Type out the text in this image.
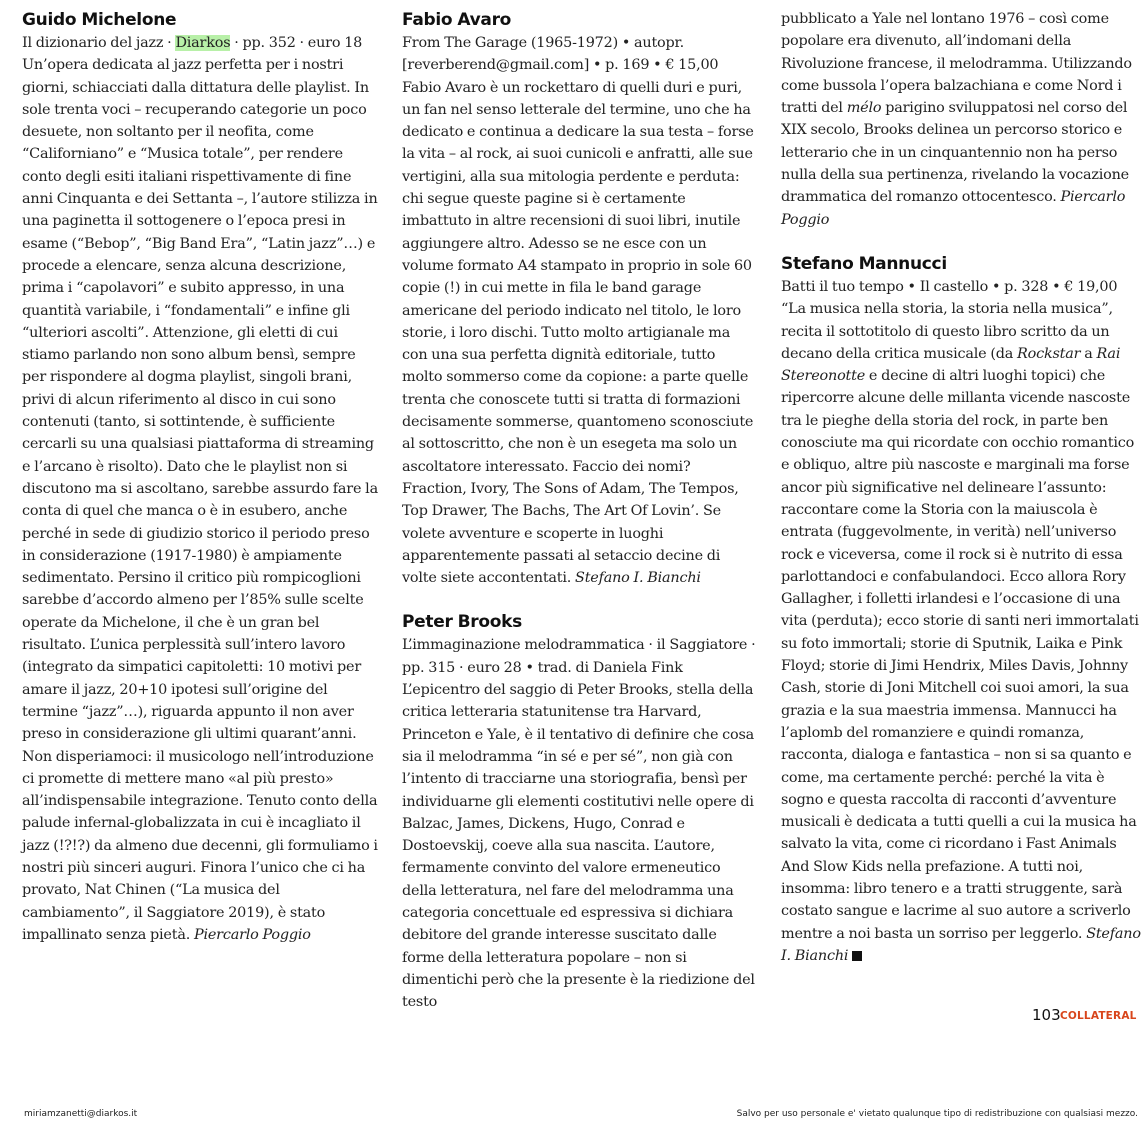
Guido Michelone

Il dizionario del jazz · Diarkos · pp. 352 · euro 18

Un’opera dedicata al jazz perfetta per i nostri giorni, schiacciati dalla dittatura delle playlist. In sole trenta voci – recuperando categorie un poco desuete, non soltanto per il neofita, come “Californiano” e “Musica totale”, per rendere conto degli esiti italiani rispettivamente di fine anni Cinquanta e dei Settanta –, l’autore stilizza in una paginetta il sottogenere o l’epoca presi in esame (“Bebop”, “Big Band Era”, “Latin jazz”…) e procede a elencare, senza alcuna descrizione, prima i “capolavori” e subito appresso, in una quantità variabile, i “fondamentali” e infine gli “ulteriori ascolti”. Attenzione, gli eletti di cui stiamo parlando non sono album bensì, sempre per rispondere al dogma playlist, singoli brani, privi di alcun riferimento al disco in cui sono contenuti (tanto, si sottintende, è sufficiente cercarli su una qualsiasi piattaforma di streaming e l’arcano è risolto). Dato che le playlist non si discutono ma si ascoltano, sarebbe assurdo fare la conta di quel che manca o è in esubero, anche perché in sede di giudizio storico il periodo preso in considerazione (1917-1980) è ampiamente sedimentato. Persino il critico più rompicoglioni sarebbe d’accordo almeno per l’85% sulle scelte operate da Michelone, il che è un gran bel risultato. L’unica perplessità sull’intero lavoro (integrato da simpatici capitoletti: 10 motivi per amare il jazz, 20+10 ipotesi sull’origine del termine “jazz”…), riguarda appunto il non aver preso in considerazione gli ultimi quarant’anni. Non disperiamoci: il musicologo nell’introduzione ci promette di mettere mano «al più presto» all’indispensabile integrazione. Tenuto conto della palude infernal-globalizzata in cui è incagliato il jazz (!?!?) da almeno due decenni, gli formuliamo i nostri più sinceri auguri. Finora l’unico che ci ha provato, Nat Chinen (“La musica del cambiamento”, il Saggiatore 2019), è stato impallinato senza pietà. Piercarlo Poggio

Fabio Avaro

From The Garage (1965-1972) • autopr. [reverberend@gmail.com] • p. 169 • € 15,00

Fabio Avaro è un rockettaro di quelli duri e puri, un fan nel senso letterale del termine, uno che ha dedicato e continua a dedicare la sua testa – forse la vita – al rock, ai suoi cunicoli e anfratti, alle sue vertigini, alla sua mitologia perdente e perduta: chi segue queste pagine si è certamente imbattuto in altre recensioni di suoi libri, inutile aggiungere altro. Adesso se ne esce con un volume formato A4 stampato in proprio in sole 60 copie (!) in cui mette in fila le band garage americane del periodo indicato nel titolo, le loro storie, i loro dischi. Tutto molto artigianale ma con una sua perfetta dignità editoriale, tutto molto sommerso come da copione: a parte quelle trenta che conoscete tutti si tratta di formazioni decisamente sommerse, quantomeno sconosciute al sottoscritto, che non è un esegeta ma solo un ascoltatore interessato. Faccio dei nomi? Fraction, Ivory, The Sons of Adam, The Tempos, Top Drawer, The Bachs, The Art Of Lovin’. Se volete avventure e scoperte in luoghi apparentemente passati al setaccio decine di volte siete accontentati. Stefano I. Bianchi

Peter Brooks

L’immaginazione melodrammatica · il Saggiatore · pp. 315 · euro 28 • trad. di Daniela Fink

L’epicentro del saggio di Peter Brooks, stella della critica letteraria statunitense tra Harvard, Princeton e Yale, è il tentativo di definire che cosa sia il melodramma “in sé e per sé”, non già con l’intento di tracciarne una storiografia, bensì per individuarne gli elementi costitutivi nelle opere di Balzac, James, Dickens, Hugo, Conrad e Dostoevskij, coeve alla sua nascita. L’autore, fermamente convinto del valore ermeneutico della letteratura, nel fare del melodramma una categoria concettuale ed espressiva si dichiara debitore del grande interesse suscitato dalle forme della letteratura popolare – non si dimentichi però che la presente è la riedizione del testo

pubblicato a Yale nel lontano 1976 – così come popolare era divenuto, all’indomani della Rivoluzione francese, il melodramma. Utilizzando come bussola l’opera balzachiana e come Nord i tratti del mélo parigino sviluppatosi nel corso del XIX secolo, Brooks delinea un percorso storico e letterario che in un cinquantennio non ha perso nulla della sua pertinenza, rivelando la vocazione drammatica del romanzo ottocentesco. Piercarlo Poggio

Stefano Mannucci

Batti il tuo tempo • Il castello • p. 328 • € 19,00

“La musica nella storia, la storia nella musica”, recita il sottotitolo di questo libro scritto da un decano della critica musicale (da Rockstar a Rai Stereonotte e decine di altri luoghi topici) che ripercorre alcune delle millanta vicende nascoste tra le pieghe della storia del rock, in parte ben conosciute ma qui ricordate con occhio romantico e obliquo, altre più nascoste e marginali ma forse ancor più significative nel delineare l’assunto: raccontare come la Storia con la maiuscola è entrata (fuggevolmente, in verità) nell’universo rock e viceversa, come il rock si è nutrito di essa parlottandoci e confabulandoci. Ecco allora Rory Gallagher, i folletti irlandesi e l’occasione di una vita (perduta); ecco storie di santi neri immortalati su foto immortali; storie di Sputnik, Laika e Pink Floyd; storie di Jimi Hendrix, Miles Davis, Johnny Cash, storie di Joni Mitchell coi suoi amori, la sua grazia e la sua maestria immensa. Mannucci ha l’aplomb del romanziere e quindi romanza, racconta, dialoga e fantastica – non si sa quanto e come, ma certamente perché: perché la vita è sogno e questa raccolta di racconti d’avventure musicali è dedicata a tutti quelli a cui la musica ha salvato la vita, come ci ricordano i Fast Animals And Slow Kids nella prefazione. A tutti noi, insomma: libro tenero e a tratti struggente, sarà costato sangue e lacrime al suo autore a scriverlo mentre a noi basta un sorriso per leggerlo. Stefano I. Bianchi

103 COLLATERAL
miriamzanetti@diarkos.it	Salvo per uso personale e' vietato qualunque tipo di redistribuzione con qualsiasi mezzo.
